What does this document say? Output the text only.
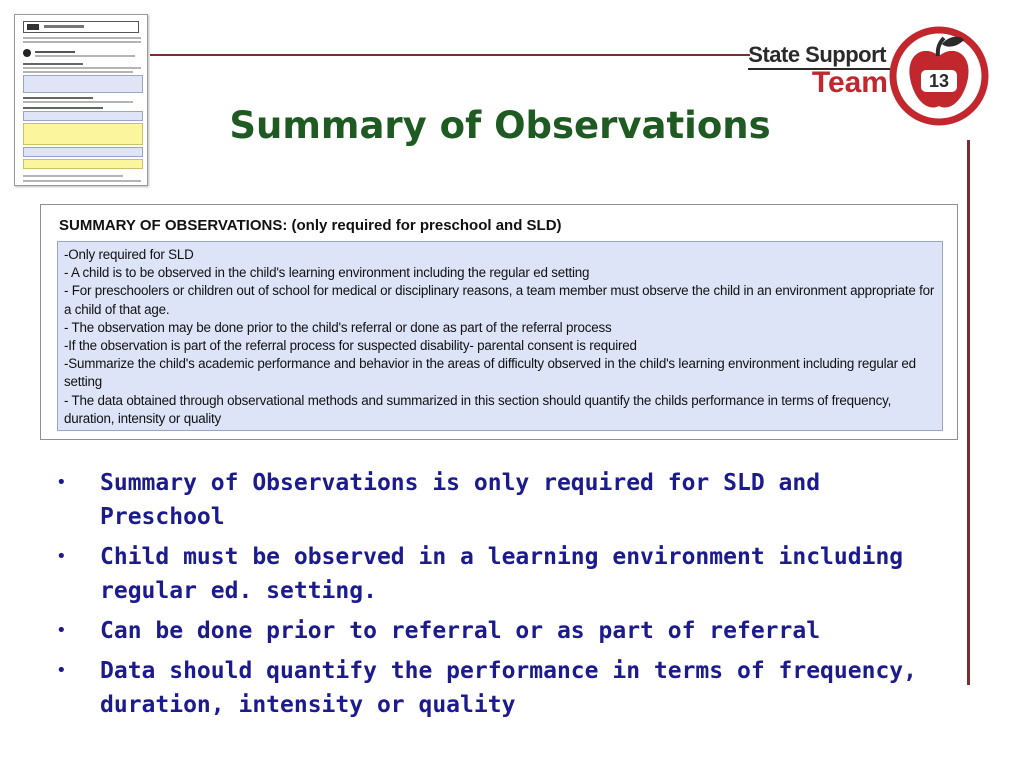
State Support
Team 13
Summary of Observations
SUMMARY OF OBSERVATIONS: (only required for preschool and SLD)
-Only required for SLD
- A child is to be observed in the child's learning environment including the regular ed setting
- For preschoolers or children out of school for medical or disciplinary reasons, a team member must observe the child in an environment appropriate for a child of that age.
- The observation may be done prior to the child's referral or done as part of the referral process
-If the observation is part of the referral process for suspected disability- parental consent is required
-Summarize the child's academic performance and behavior in the areas of difficulty observed in the child's learning environment including regular ed setting
- The data obtained through observational methods and summarized in this section should quantify the childs performance in terms of frequency, duration, intensity or quality
• Summary of Observations is only required for SLD and Preschool
• Child must be observed in a learning environment including regular ed. setting.
• Can be done prior to referral or as part of referral
• Data should quantify the performance in terms of frequency, duration, intensity or quality
